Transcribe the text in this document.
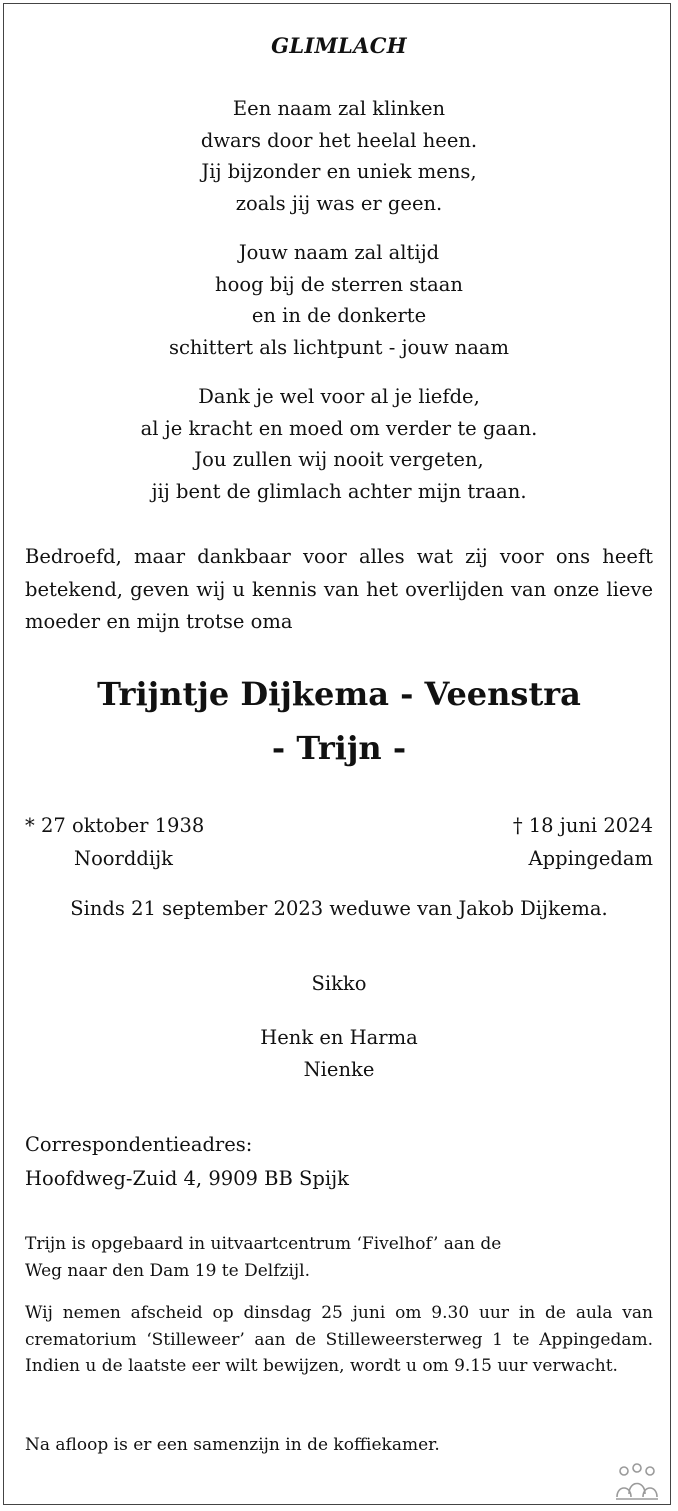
GLIMLACH
Een naam zal klinken
dwars door het heelal heen.
Jij bijzonder en uniek mens,
zoals jij was er geen.
Jouw naam zal altijd
hoog bij de sterren staan
en in de donkerte
schittert als lichtpunt - jouw naam
Dank je wel voor al je liefde,
al je kracht en moed om verder te gaan.
Jou zullen wij nooit vergeten,
jij bent de glimlach achter mijn traan.
Bedroefd, maar dankbaar voor alles wat zij voor ons heeft betekend, geven wij u kennis van het overlijden van onze lieve moeder en mijn trotse oma
Trijntje Dijkema - Veenstra
- Trijn -
* 27 oktober 1938
Noorddijk
† 18 juni 2024
Appingedam
Sinds 21 september 2023 weduwe van Jakob Dijkema.
Sikko
Henk en Harma
Nienke
Correspondentieadres:
Hoofdweg-Zuid 4, 9909 BB Spijk
Trijn is opgebaard in uitvaartcentrum ‘Fivelhof’ aan de
Weg naar den Dam 19 te Delfzijl.
Wij nemen afscheid op dinsdag 25 juni om 9.30 uur in de aula van crematorium ‘Stilleweer’ aan de Stilleweersterweg 1 te Appingedam. Indien u de laatste eer wilt bewijzen, wordt u om 9.15 uur verwacht.
Na afloop is er een samenzijn in de koffiekamer.
